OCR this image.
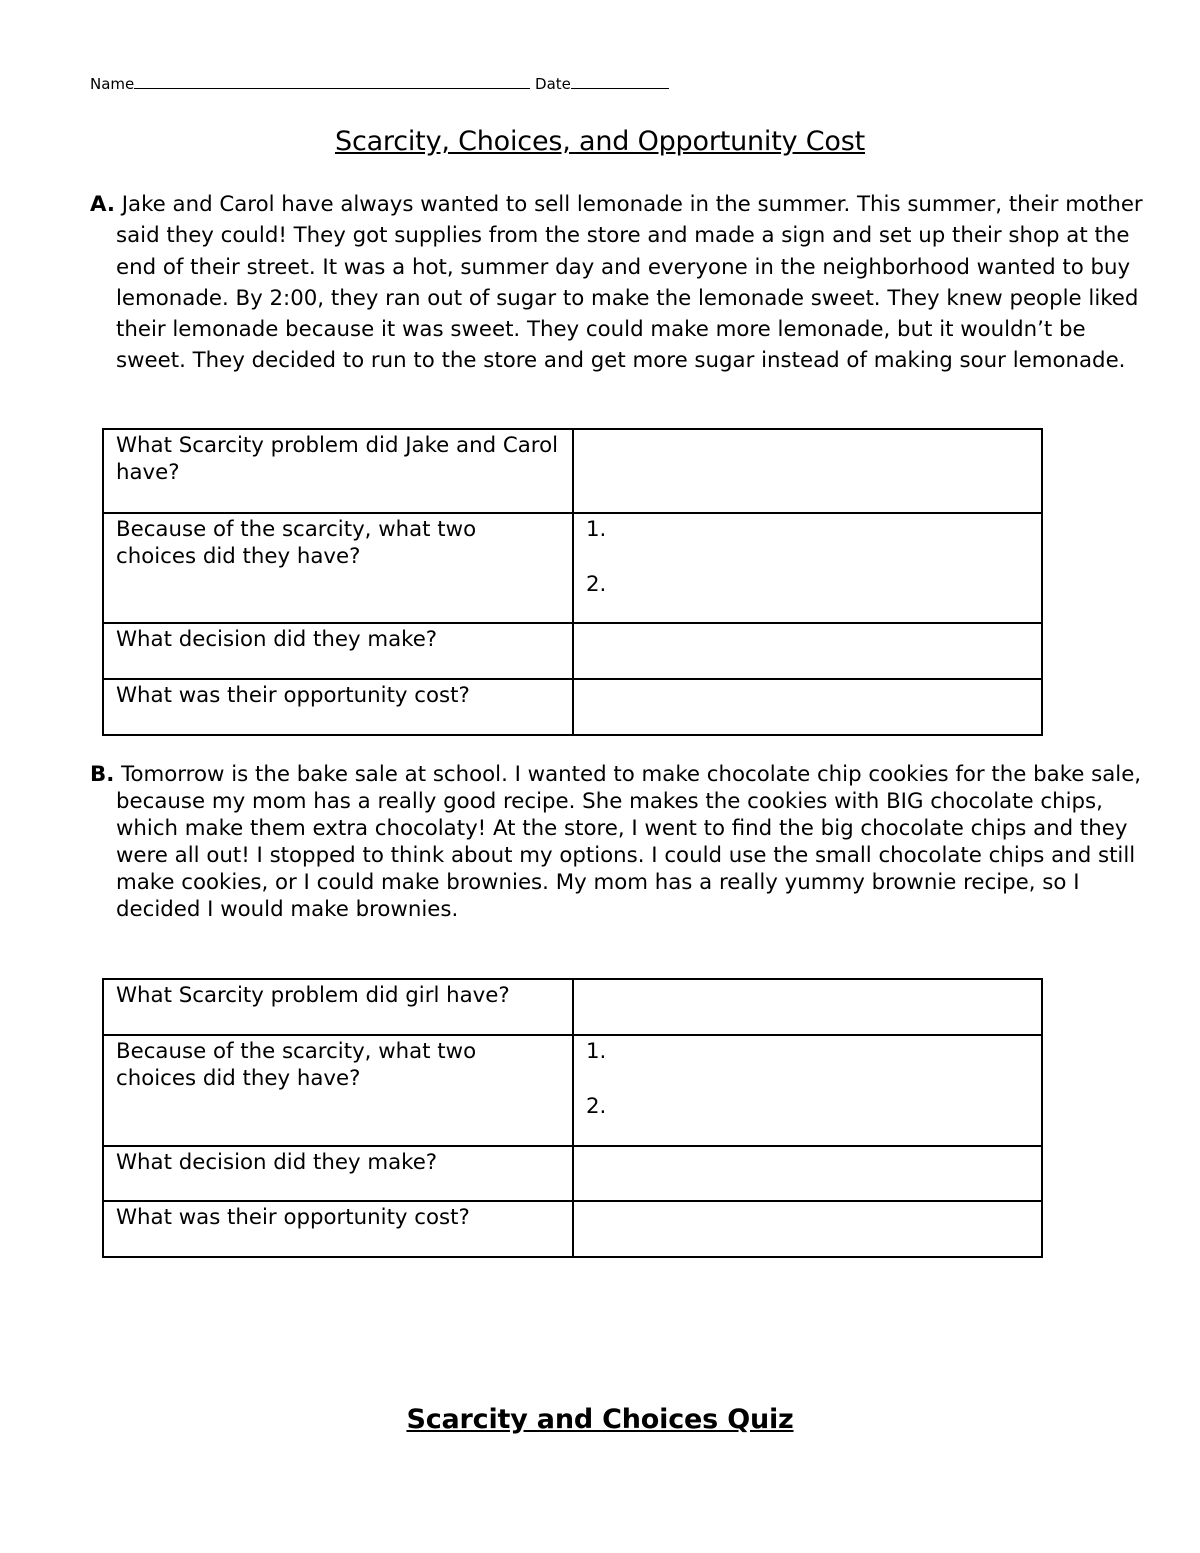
Name	Date
Scarcity, Choices, and Opportunity Cost
A. Jake and Carol have always wanted to sell lemonade in the summer. This summer, their mother said they could! They got supplies from the store and made a sign and set up their shop at the end of their street. It was a hot, summer day and everyone in the neighborhood wanted to buy lemonade. By 2:00, they ran out of sugar to make the lemonade sweet. They knew people liked their lemonade because it was sweet. They could make more lemonade, but it wouldn’t be sweet. They decided to run to the store and get more sugar instead of making sour lemonade.
What Scarcity problem did Jake and Carol have?	
Because of the scarcity, what two choices did they have?	1.
2.

What decision did they make?	
What was their opportunity cost?	
B. Tomorrow is the bake sale at school. I wanted to make chocolate chip cookies for the bake sale, because my mom has a really good recipe. She makes the cookies with BIG chocolate chips, which make them extra chocolaty! At the store, I went to find the big chocolate chips and they were all out! I stopped to think about my options. I could use the small chocolate chips and still make cookies, or I could make brownies. My mom has a really yummy brownie recipe, so I decided I would make brownies.
What Scarcity problem did girl have?	
Because of the scarcity, what two choices did they have?	1.
2.

What decision did they make?	
What was their opportunity cost?	
Scarcity and Choices Quiz
